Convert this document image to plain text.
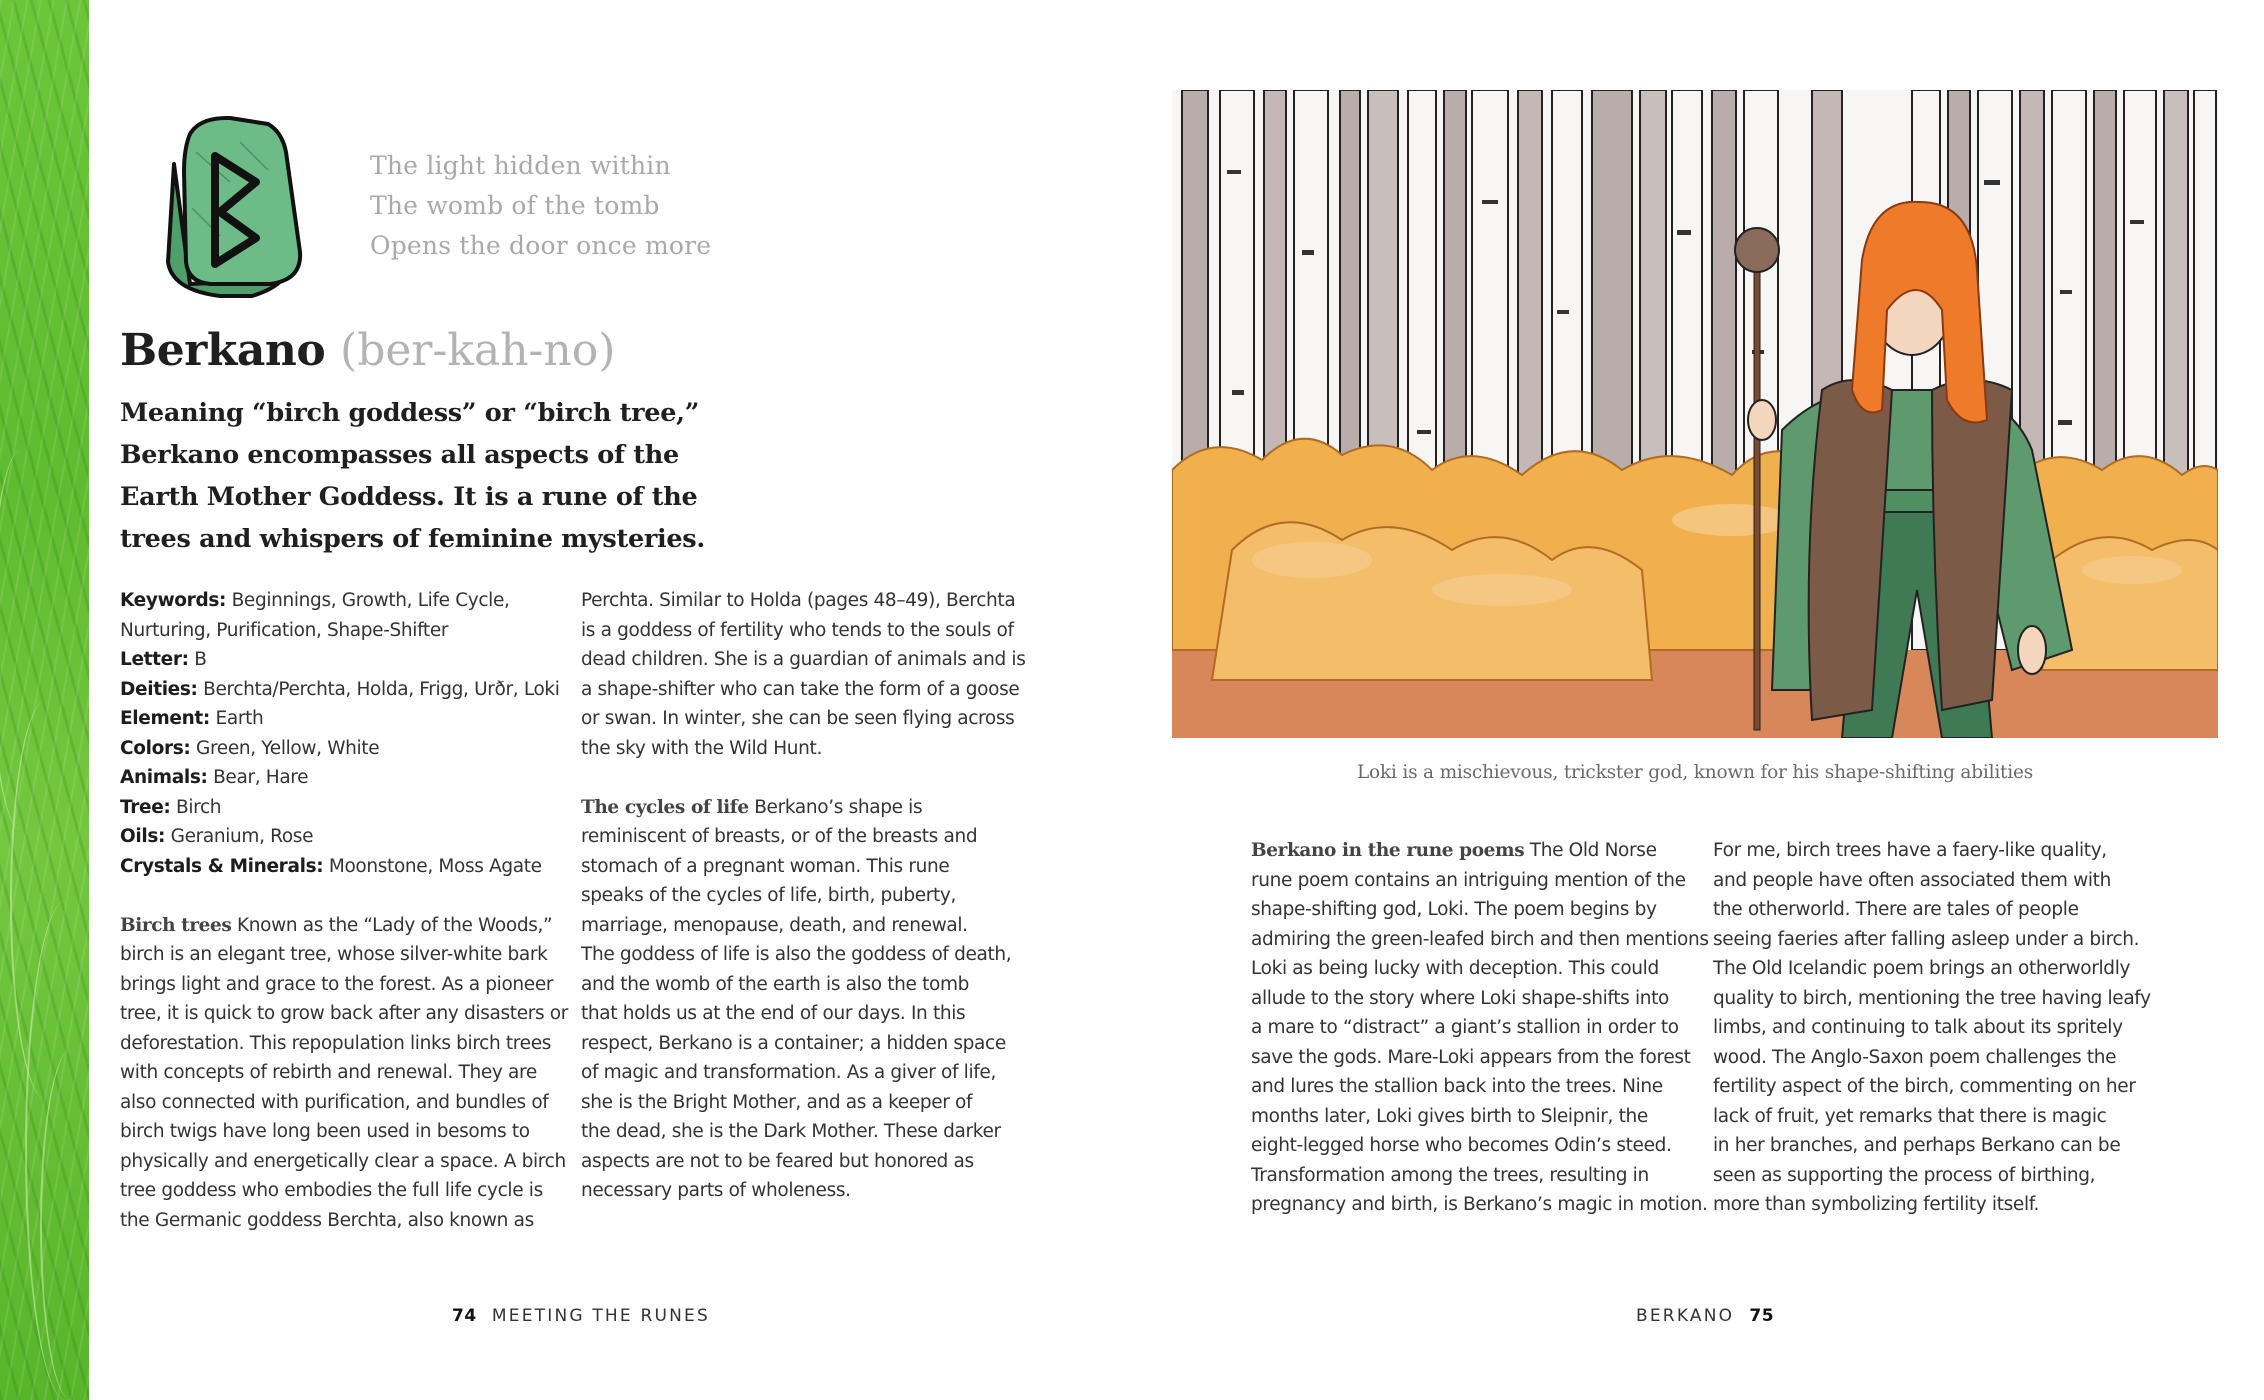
The light hidden within
The womb of the tomb
Opens the door once more
Berkano (ber-kah-no)
Meaning “birch goddess” or “birch tree,”
Berkano encompasses all aspects of the
Earth Mother Goddess. It is a rune of the
trees and whispers of feminine mysteries.
Keywords: Beginnings, Growth, Life Cycle,
Nurturing, Purification, Shape-Shifter
Letter: B
Deities: Berchta/Perchta, Holda, Frigg, Urðr, Loki
Element: Earth
Colors: Green, Yellow, White
Animals: Bear, Hare
Tree: Birch
Oils: Geranium, Rose
Crystals & Minerals: Moonstone, Moss Agate
Birch trees Known as the “Lady of the Woods,”
birch is an elegant tree, whose silver-white bark
brings light and grace to the forest. As a pioneer
tree, it is quick to grow back after any disasters or
deforestation. This repopulation links birch trees
with concepts of rebirth and renewal. They are
also connected with purification, and bundles of
birch twigs have long been used in besoms to
physically and energetically clear a space. A birch
tree goddess who embodies the full life cycle is
the Germanic goddess Berchta, also known as
Perchta. Similar to Holda (pages 48–49), Berchta
is a goddess of fertility who tends to the souls of
dead children. She is a guardian of animals and is
a shape-shifter who can take the form of a goose
or swan. In winter, she can be seen flying across
the sky with the Wild Hunt.
The cycles of life Berkano’s shape is
reminiscent of breasts, or of the breasts and
stomach of a pregnant woman. This rune
speaks of the cycles of life, birth, puberty,
marriage, menopause, death, and renewal.
The goddess of life is also the goddess of death,
and the womb of the earth is also the tomb
that holds us at the end of our days. In this
respect, Berkano is a container; a hidden space
of magic and transformation. As a giver of life,
she is the Bright Mother, and as a keeper of
the dead, she is the Dark Mother. These darker
aspects are not to be feared but honored as
necessary parts of wholeness.
74 MEETING THE RUNES
Loki is a mischievous, trickster god, known for his shape-shifting abilities
Berkano in the rune poems The Old Norse
rune poem contains an intriguing mention of the
shape-shifting god, Loki. The poem begins by
admiring the green-leafed birch and then mentions
Loki as being lucky with deception. This could
allude to the story where Loki shape-shifts into
a mare to “distract” a giant’s stallion in order to
save the gods. Mare-Loki appears from the forest
and lures the stallion back into the trees. Nine
months later, Loki gives birth to Sleipnir, the
eight-legged horse who becomes Odin’s steed.
Transformation among the trees, resulting in
pregnancy and birth, is Berkano’s magic in motion.
For me, birch trees have a faery-like quality,
and people have often associated them with
the otherworld. There are tales of people
seeing faeries after falling asleep under a birch.
The Old Icelandic poem brings an otherworldly
quality to birch, mentioning the tree having leafy
limbs, and continuing to talk about its spritely
wood. The Anglo-Saxon poem challenges the
fertility aspect of the birch, commenting on her
lack of fruit, yet remarks that there is magic
in her branches, and perhaps Berkano can be
seen as supporting the process of birthing,
more than symbolizing fertility itself.
BERKANO 75
